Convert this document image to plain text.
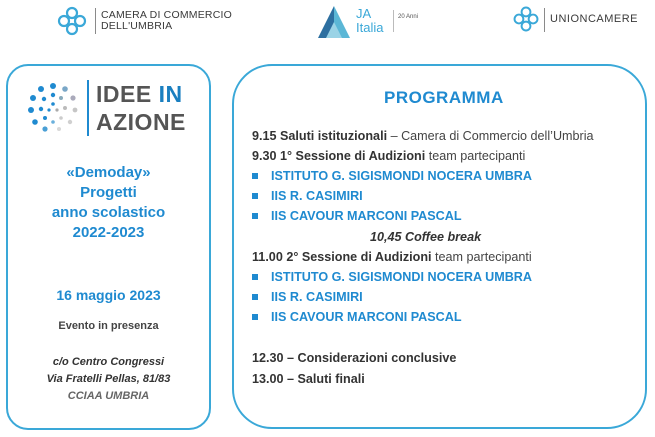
CAMERA DI COMMERCIO
DELL'UMBRIA
JA
Italia
20 Anni	UNIONCAMERE
IDEE IN
AZIONE
«Demoday»
Progetti
anno scolastico
2022-2023
16 maggio 2023
Evento in presenza
c/o Centro Congressi
Via Fratelli Pellas, 81/83
CCIAA UMBRIA
PROGRAMMA
9.15 Saluti istituzionali – Camera di Commercio dell’Umbria
9.30 1° Sessione di Audizioni team partecipanti
ISTITUTO G. SIGISMONDI NOCERA UMBRA
IIS R. CASIMIRI
IIS CAVOUR MARCONI PASCAL
10,45 Coffee break
11.00 2° Sessione di Audizioni team partecipanti
ISTITUTO G. SIGISMONDI NOCERA UMBRA
IIS R. CASIMIRI
IIS CAVOUR MARCONI PASCAL
12.30 – Considerazioni conclusive
13.00 – Saluti finali
